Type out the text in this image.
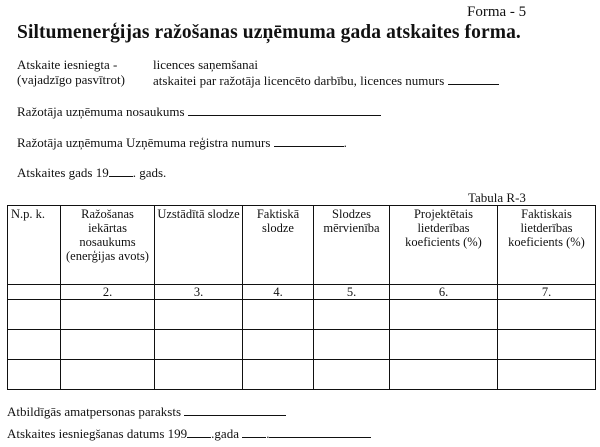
Forma - 5
Siltumenerģijas ražošanas uzņēmuma gada atskaites forma.
Atskaite iesniegta -
(vajadzīgo pasvītrot)
licences saņemšanai
atskaitei par ražotāja licencēto darbību, licences numurs
Ražotāja uzņēmuma nosaukums
Ražotāja uzņēmuma Uzņēmuma reģistra numurs	.
Atskaites gads 19 . gads.
Tabula R-3
N.p. k.	Ražošanas iekārtas nosaukums (enerģijas avots)	Uzstādītā slodze	Faktiskā slodze	Slodzes mērvienība	Projektētais lietderības koeficients (%)	Faktiskais lietderības koeficients (%)
	2.	3.	4.	5.	6.	7.

Atbildīgās amatpersonas paraksts
Atskaites iesniegšanas datums 199 .gada .
